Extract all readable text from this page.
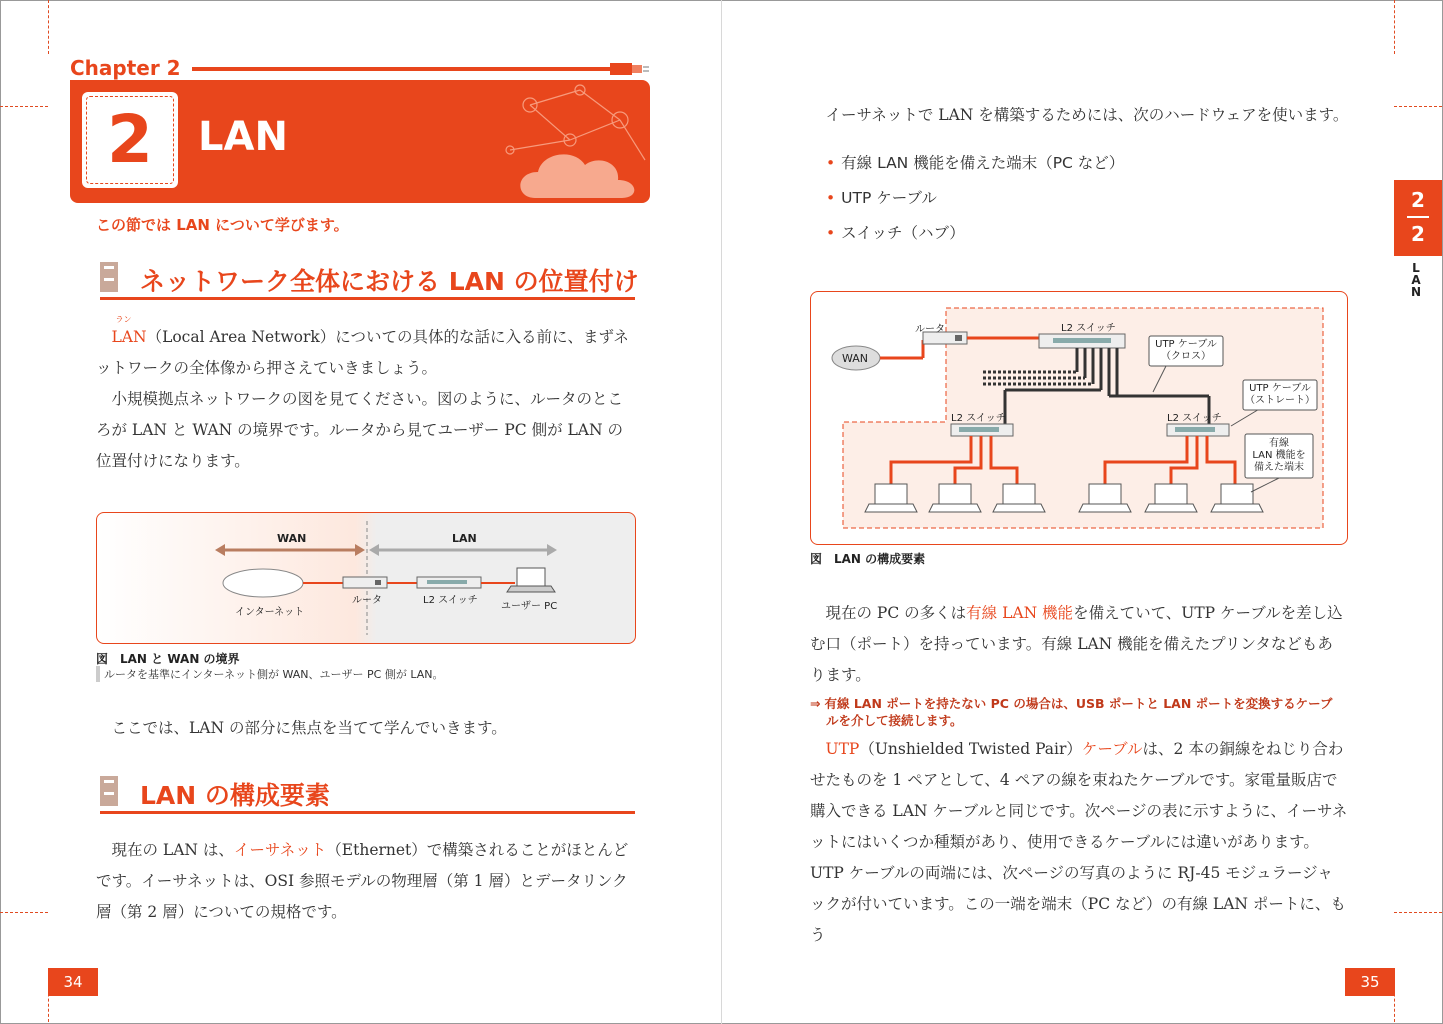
Chapter 2
2	LAN
この節では LAN について学びます。
ネットワーク全体における LAN の位置付け

LAN
ラン
（Local Area Network）についての具体的な話に入る前に、まずネットワークの全体像から押さえていきましょう。

小規模拠点ネットワークの図を見てください。図のように、ルータのところが LAN と WAN の境界です。ルータから見てユーザー PC 側が LAN の位置付けになります。

WAN	LAN
インターネット
ルータ	L2 スイッチ
ユーザー PC
図　LAN と WAN の境界
ルータを基準にインターネット側が WAN、ユーザー PC 側が LAN。

ここでは、LAN の部分に焦点を当てて学んでいきます。

LAN の構成要素

現在の LAN は、イーサネット（Ethernet）で構築されることがほとんどです。イーサネットは、OSI 参照モデルの物理層（第 1 層）とデータリンク層（第 2 層）についての規格です。

34

イーサネットで LAN を構築するためには、次のハードウェアを使います。

• 有線 LAN 機能を備えた端末（PC など）
• UTP ケーブル
• スイッチ（ハブ）
ルータ
WAN
L2 スイッチ
UTP ケーブル
（クロス）
UTP ケーブル
（ストレート）
L2 スイッチ	L2 スイッチ
有線
LAN 機能を
備えた端末
図　LAN の構成要素

現在の PC の多くは有線 LAN 機能を備えていて、UTP ケーブルを差し込む口（ポート）を持っています。有線 LAN 機能を備えたプリンタなどもあります。

⇒ 有線 LAN ポートを持たない PC の場合は、USB ポートと LAN ポートを変換するケーブ
ルを介して接続します。

UTP（Unshielded Twisted Pair）ケーブルは、2 本の銅線をねじり合わせたものを 1 ペアとして、4 ペアの線を束ねたケーブルです。家電量販店で購入できる LAN ケーブルと同じです。次ページの表に示すように、イーサネットにはいくつか種類があり、使用できるケーブルには違いがあります。UTP ケーブルの両端には、次ページの写真のように RJ-45 モジュラージャックが付いています。この一端を端末（PC など）の有線 LAN ポートに、もう

2
2
LAN
35
